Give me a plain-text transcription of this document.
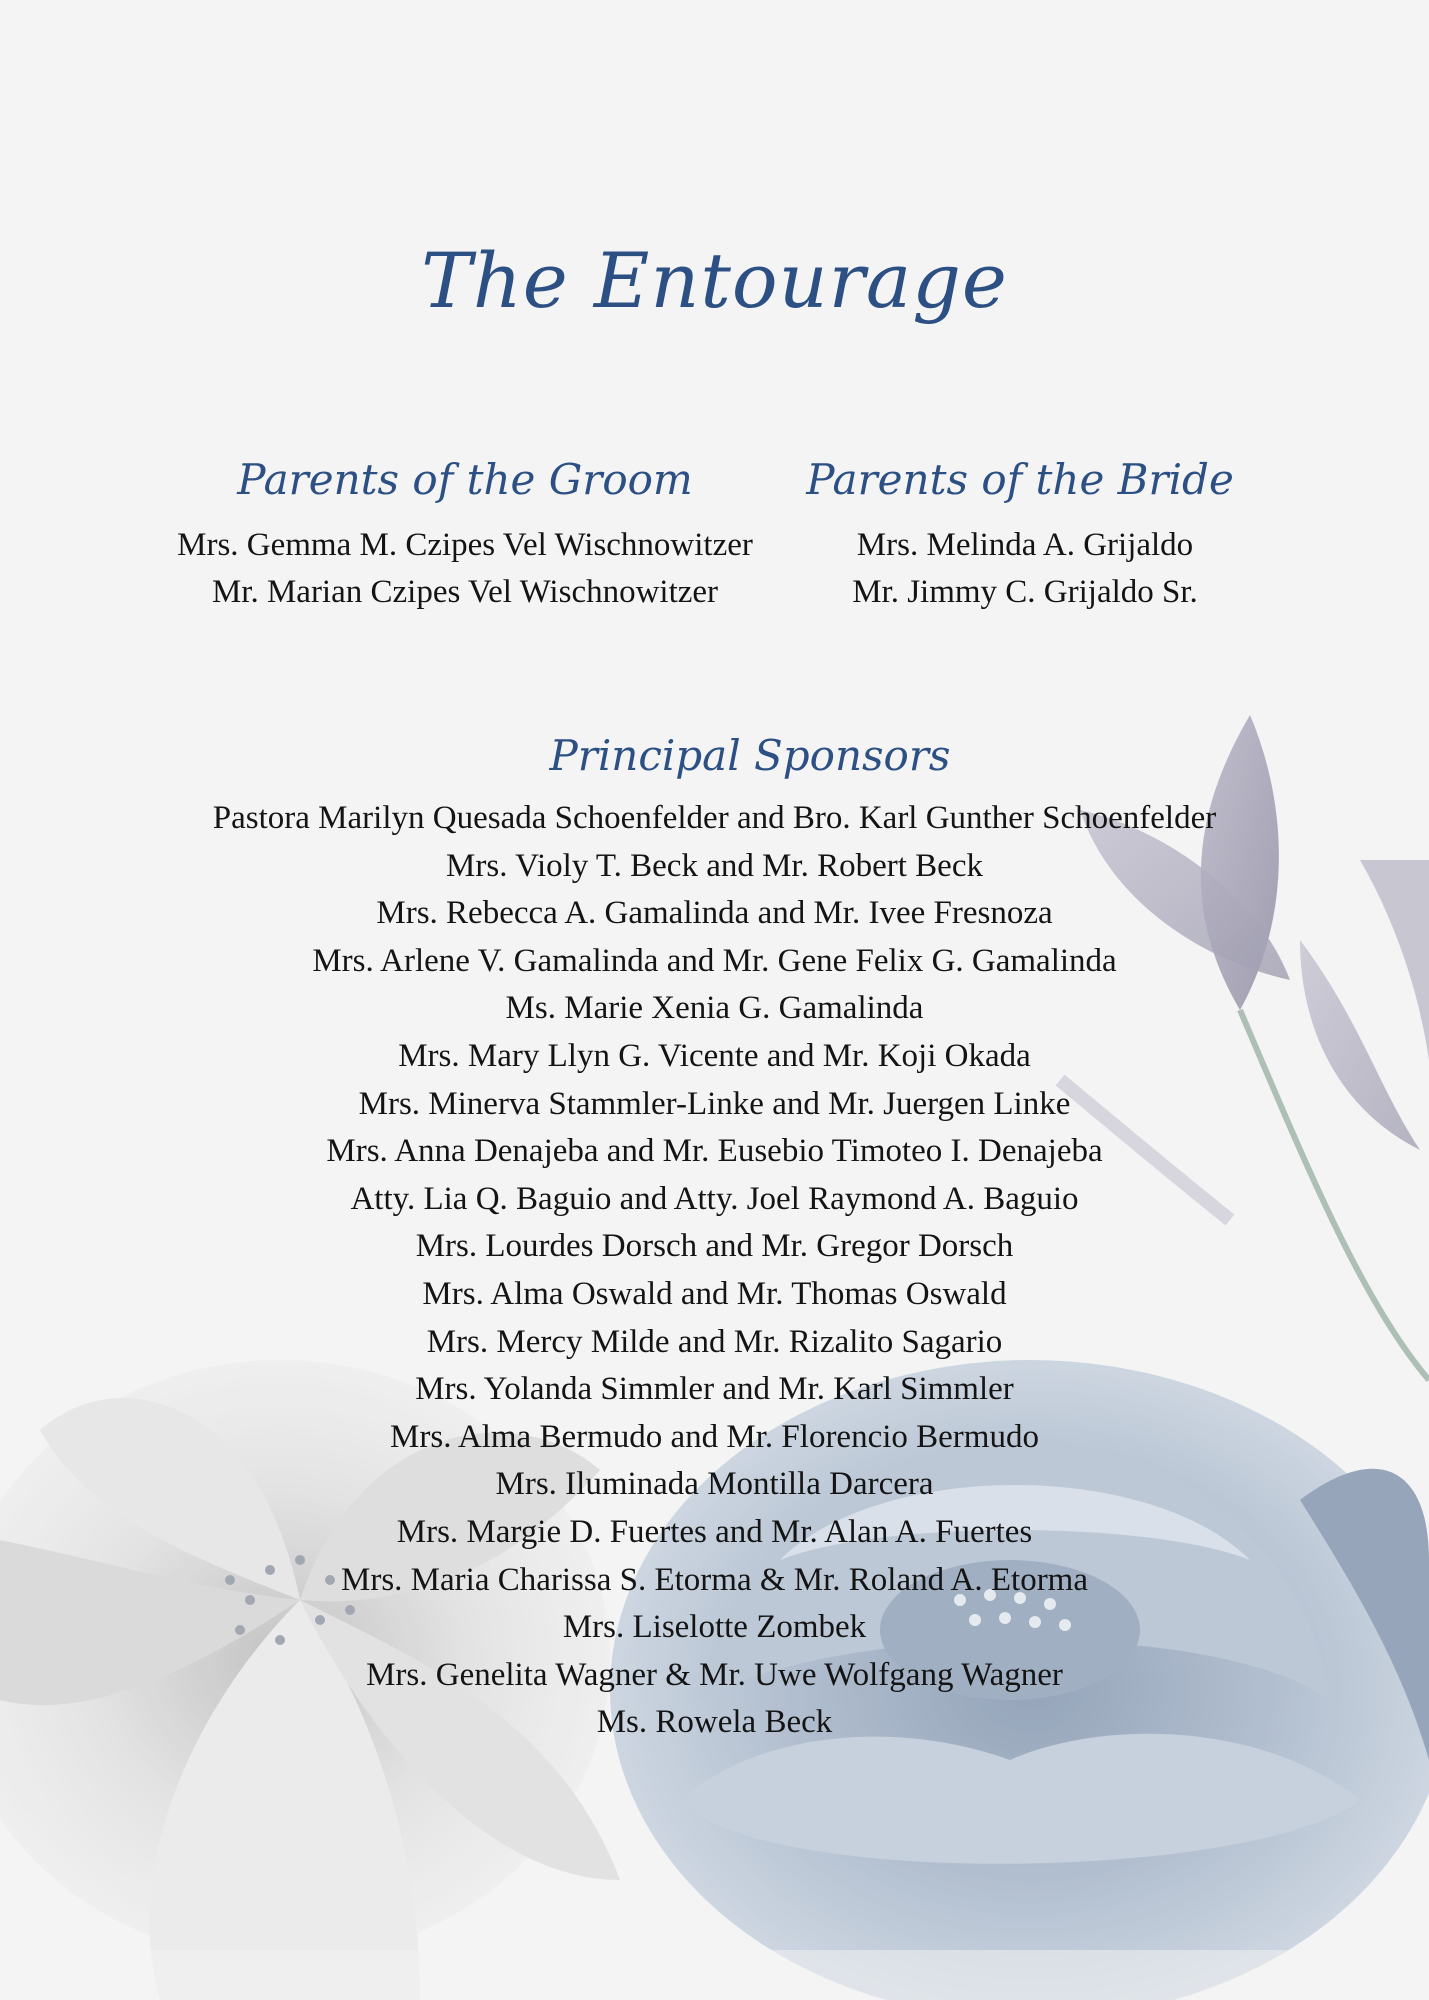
The Entourage
Parents of the Groom
Mrs. Gemma M. Czipes Vel Wischnowitzer
Mr. Marian Czipes Vel Wischnowitzer
Parents of the Bride
Mrs. Melinda A. Grijaldo
Mr. Jimmy C. Grijaldo Sr.
Principal Sponsors
Pastora Marilyn Quesada Schoenfelder and Bro. Karl Gunther Schoenfelder
Mrs. Violy T. Beck and Mr. Robert Beck
Mrs. Rebecca A. Gamalinda and Mr. Ivee Fresnoza
Mrs. Arlene V. Gamalinda and Mr. Gene Felix G. Gamalinda
Ms. Marie Xenia G. Gamalinda
Mrs. Mary Llyn G. Vicente and Mr. Koji Okada
Mrs. Minerva Stammler-Linke and Mr. Juergen Linke
Mrs. Anna Denajeba and Mr. Eusebio Timoteo I. Denajeba
Atty. Lia Q. Baguio and Atty. Joel Raymond A. Baguio
Mrs. Lourdes Dorsch and Mr. Gregor Dorsch
Mrs. Alma Oswald and Mr. Thomas Oswald
Mrs. Mercy Milde and Mr. Rizalito Sagario
Mrs. Yolanda Simmler and Mr. Karl Simmler
Mrs. Alma Bermudo and Mr. Florencio Bermudo
Mrs. Iluminada Montilla Darcera
Mrs. Margie D. Fuertes and Mr. Alan A. Fuertes
Mrs. Maria Charissa S. Etorma & Mr. Roland A. Etorma
Mrs. Liselotte Zombek
Mrs. Genelita Wagner & Mr. Uwe Wolfgang Wagner
Ms. Rowela Beck
